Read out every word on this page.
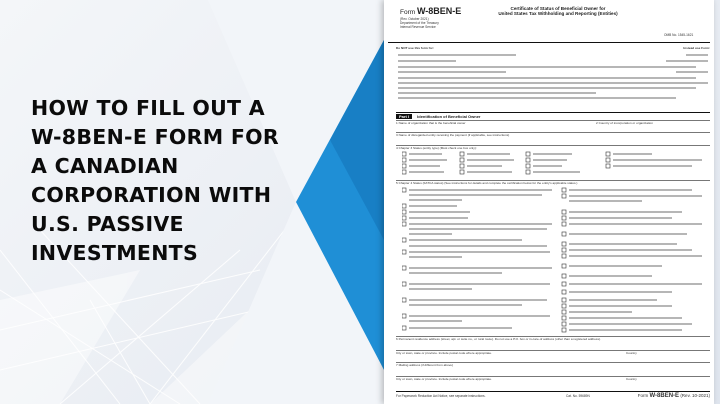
HOW TO FILL OUT A
W-8BEN-E FORM FOR
A CANADIAN
CORPORATION WITH
U.S. PASSIVE
INVESTMENTS
Form W-8BEN-E
(Rev. October 2021)
Department of the Treasury
Internal Revenue Service
Certificate of Status of Beneficial Owner for
United States Tax Withholding and Reporting (Entities)
OMB No. 1545-1621
Do NOT use this form for:	Instead use Form:
Part I Identification of Beneficial Owner
1 Name of organization that is the beneficial owner	2 Country of incorporation or organization
3 Name of disregarded entity receiving the payment (if applicable, see instructions)
4 Chapter 3 Status (entity type) (Must check one box only):
5 Chapter 4 Status (FATCA status) (See instructions for details and complete the certification below for the entity's applicable status.)
6 Permanent residence address (street, apt. or suite no., or rural route). Do not use a P.O. box or in-care-of address (other than a registered address).
City or town, state or province. Include postal code where appropriate.	Country
7 Mailing address (if different from above)
City or town, state or province. Include postal code where appropriate.	Country
For Paperwork Reduction Act Notice, see separate instructions.	Cat. No. 59689N	Form W-8BEN-E (Rev. 10-2021)
